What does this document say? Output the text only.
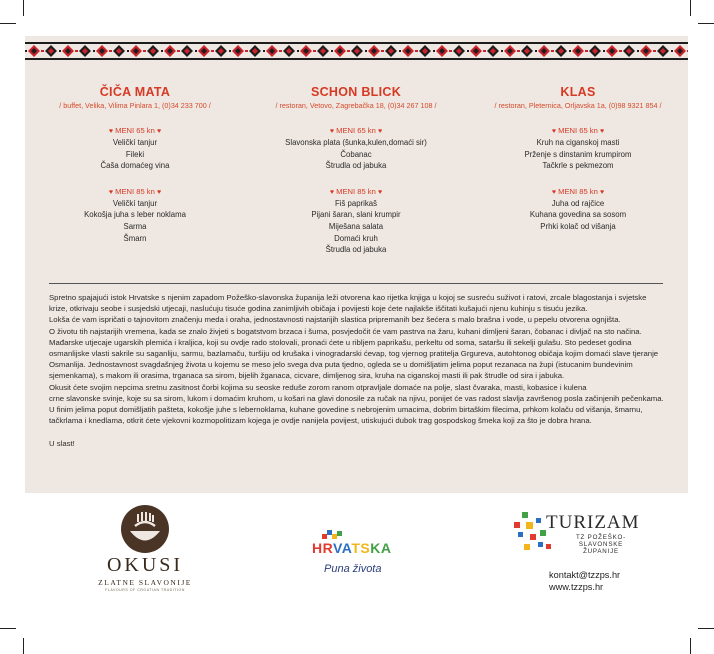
ČIČA MATA
/ buffet, Velika, Vilima Pinlara 1, (0)34 233 700 /
♥ MENI 65 kn ♥
Veličkí tanjur
Fileki
Čaša domaćeg vina
♥ MENI 85 kn ♥
Veličkí tanjur
Kokošja juha s leber noklama
Sarma
Šmarn
SCHON BLICK
/ restoran, Vetovo, Zagrebačka 18, (0)34 267 108 /
♥ MENI 65 kn ♥
Slavonska plata (šunka,kulen,domaći sir)
Čobanac
Štrudla od jabuka
♥ MENI 85 kn ♥
Fiš paprikaš
Pijani šaran, slani krumpir
Miješana salata
Domaći kruh
Štrudla od jabuka
KLAS
/ restoran, Pleternica, Orljavska 1a, (0)98 9321 854 /
♥ MENI 65 kn ♥
Kruh na ciganskoj masti
Prženje s dinstanim krumpirom
Tačkrle s pekmezom
♥ MENI 85 kn ♥
Juha od rajčice
Kuhana govedina sa sosom
Prhki kolač od višanja

Spretno spajajući istok Hrvatske s njenim zapadom Požeško-slavonska županija leži otvorena kao rijetka knjiga u kojoj se susreću suživot i ratovi, zrcale blagostanja i svjetske krize, otkrivaju seobe i susjedski utjecaji, naslućuju tisuće godina zanimljivih običaja i povijesti koje ćete najlakše iščitati kušajući njenu kuhinju s tisuću jezika.

Lokša će vam ispričati o tajnovitom značenju meda i oraha, jednostavnosti najstarijih slastica pripremanih bez šećera s malo brašna i vode, u pepelu otvorena ognjišta.

O životu tih najstarijih vremena, kada se znalo živjeti s bogatstvom brzaca i šuma, posvjedočit će vam pastrva na žaru, kuhani dimljeni šaran, čobanac i divljač na sto načina.

Mađarske utjecaje ugarskih plemića i kraljica, koji su ovdje rado stolovali, pronaći ćete u ribljem paprikašu, perkeltu od soma, sataršu ili sekelji gulašu. Sto pedeset godina osmanlijske vlasti sakrile su saganliju, sarmu, bazlamaču, turšiju od krušaka i vinogradarski ćevap, tog vjernog pratitelja Grgureva, autohtonog običaja kojim domaći slave tjeranje Osmanlija. Jednostavnost svagdašnjeg života u kojemu se meso jelo svega dva puta tjedno, ogleda se u domišljatim jelima poput rezanaca na župi (istucanim bundevinim sjemenkama), s makom ili orasima, trganaca sa sirom, bijelih žganaca, cicvare, dimljenog sira, kruha na ciganskoj masti ili pak štrudle od sira i jabuka.

Okusit ćete svojim nepcima sretnu zasitnost čorbi kojima su seoske reduše zorom ranom otpravljale domaće na polje, slast čvaraka, masti, kobasice i kulena

crne slavonske svinje, koje su sa sirom, lukom i domaćim kruhom, u košari na glavi donosile za ručak na njivu, ponijet će vas radost slavlja završenog posla začinjenih pečenkama.

U finim jelima poput domišljatih pašteta, kokošje juhe s lebernoklama, kuhane govedine s nebrojenim umacima, dobrim birtaškim filecima, prhkom kolaču od višanja, šmarnu, tačkrlama i knedlama, otkrit ćete vjekovni kozmopolitizam kojega je ovdje nanijela povijest, utiskujući dubok trag gospodskog šmeka koji za što je dobra hrana.

U slast!

OKUSI
ZLATNE SLAVONIJE
FLAVOURS OF CROATIAN TRADITION
HRVATSKA
Puna života
TURIZAM
TZ POŽEŠKO-
SLAVONSKE
ŽUPANIJE
kontakt@tzzps.hr
www.tzzps.hr
